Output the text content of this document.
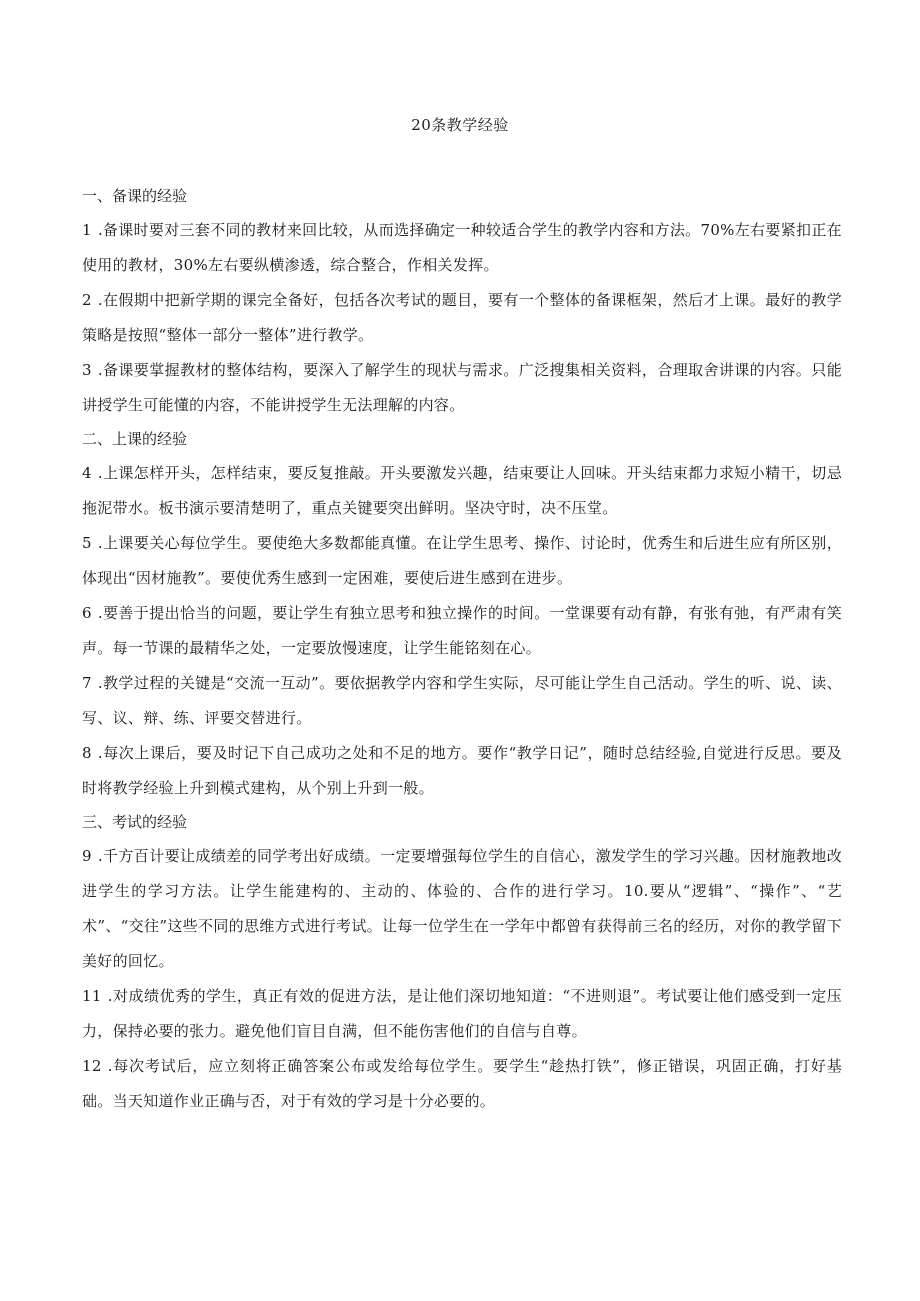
20条教学经验

一、备课的经验

1 .备课时要对三套不同的教材来回比较，从而选择确定一种较适合学生的教学内容和方法。70%左右要紧扣正在使用的教材，30%左右要纵横渗透，综合整合，作相关发挥。

2 .在假期中把新学期的课完全备好，包括各次考试的题目，要有一个整体的备课框架，然后才上课。最好的教学策略是按照“整体一部分一整体”进行教学。

3 .备课要掌握教材的整体结构，要深入了解学生的现状与需求。广泛搜集相关资料，合理取舍讲课的内容。只能讲授学生可能懂的内容，不能讲授学生无法理解的内容。

二、上课的经验

4 .上课怎样开头，怎样结束，要反复推敲。开头要激发兴趣，结束要让人回味。开头结束都力求短小精干，切忌拖泥带水。板书演示要清楚明了，重点关键要突出鲜明。坚决守时，决不压堂。

5 .上课要关心每位学生。要使绝大多数都能真懂。在让学生思考、操作、讨论时，优秀生和后进生应有所区别，体现出“因材施教”。要使优秀生感到一定困难，要使后进生感到在进步。

6 .要善于提出恰当的问题，要让学生有独立思考和独立操作的时间。一堂课要有动有静，有张有弛，有严肃有笑声。每一节课的最精华之处，一定要放慢速度，让学生能铭刻在心。

7 .教学过程的关键是“交流一互动”。要依据教学内容和学生实际，尽可能让学生自己活动。学生的听、说、读、写、议、辩、练、评要交替进行。

8 .每次上课后，要及时记下自己成功之处和不足的地方。要作“教学日记”，随时总结经验,自觉进行反思。要及时将教学经验上升到模式建构，从个别上升到一般。

三、考试的经验

9 .千方百计要让成绩差的同学考出好成绩。一定要增强每位学生的自信心，激发学生的学习兴趣。因材施教地改进学生的学习方法。让学生能建构的、主动的、体验的、合作的进行学习。10.要从“逻辑”、“操作”、“艺术”、“交往”这些不同的思维方式进行考试。让每一位学生在一学年中都曾有获得前三名的经历，对你的教学留下美好的回忆。

11 .对成绩优秀的学生，真正有效的促进方法，是让他们深切地知道：“不进则退”。考试要让他们感受到一定压力，保持必要的张力。避免他们盲目自满，但不能伤害他们的自信与自尊。

12 .每次考试后，应立刻将正确答案公布或发给每位学生。要学生“趁热打铁”，修正错误，巩固正确，打好基础。当天知道作业正确与否，对于有效的学习是十分必要的。
